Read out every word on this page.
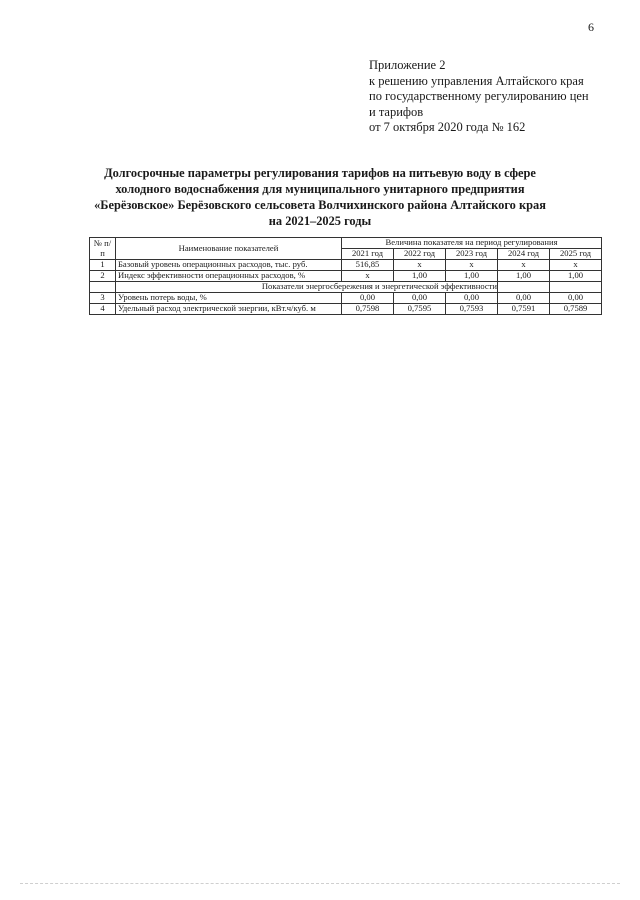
6
Приложение 2
к решению управления Алтайского края
по государственному регулированию цен
и тарифов
от 7 октября 2020 года № 162
Долгосрочные параметры регулирования тарифов на питьевую воду в сфере
холодного водоснабжения для муниципального унитарного предприятия
«Берёзовское» Берёзовского сельсовета Волчихинского района Алтайского края
на 2021–2025 годы
№ п/п	Наименование показателей	Величина показателя на период регулирования				
		2021 год	2022 год	2023 год	2024 год	2025 год
1	Базовый уровень операционных расходов, тыс. руб.	516,85	x	x	x	x
2	Индекс эффективности операционных расходов, %	x	1,00	1,00	1,00	1,00
	Показатели энергосбережения и энергетической эффективности					
3	Уровень потерь воды, %	0,00	0,00	0,00	0,00	0,00
4	Удельный расход электрической энергии, кВт.ч/куб. м	0,7598	0,7595	0,7593	0,7591	0,7589
